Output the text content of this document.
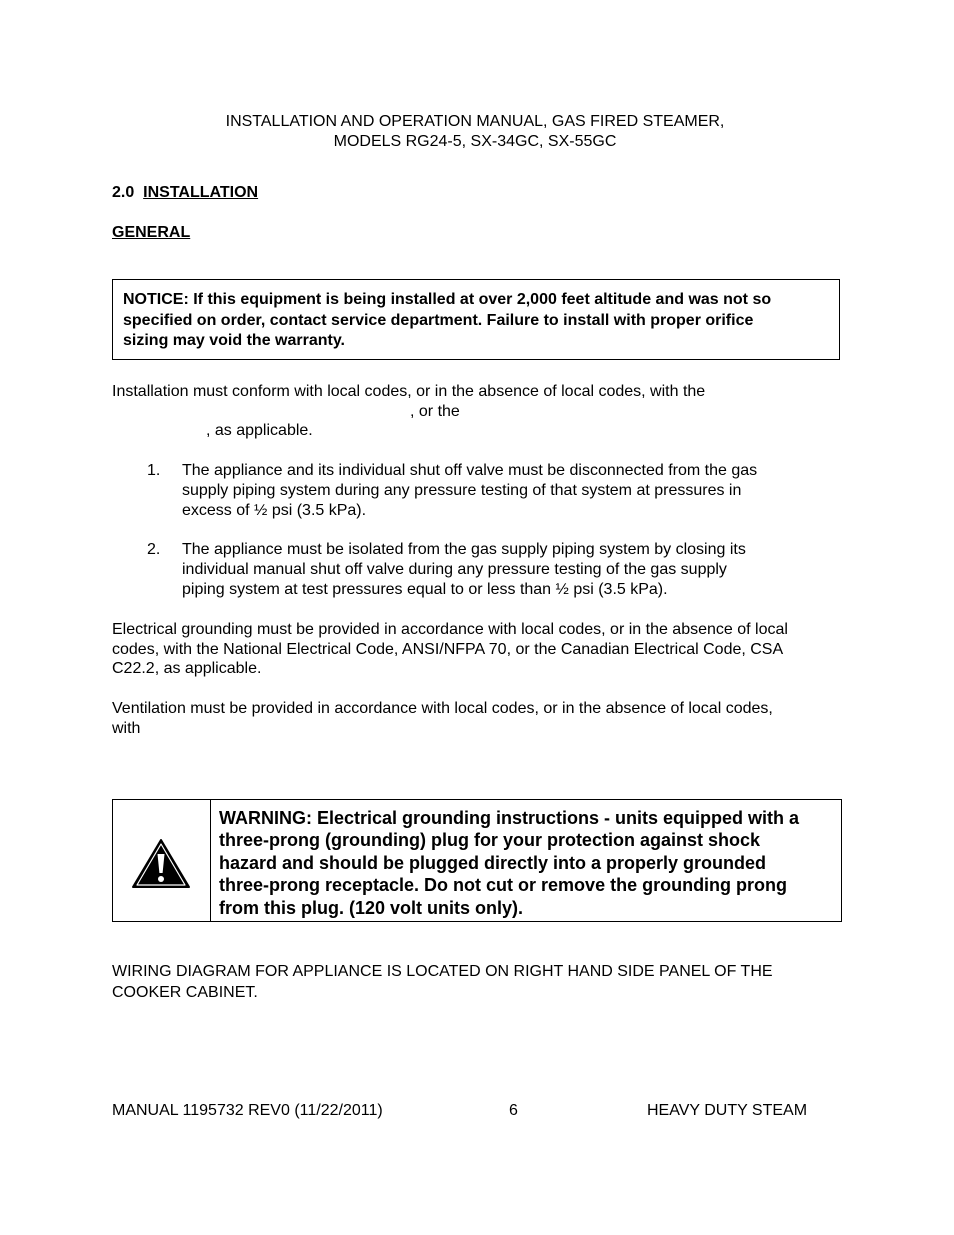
INSTALLATION AND OPERATION MANUAL, GAS FIRED STEAMER,
MODELS RG24-5, SX-34GC, SX-55GC
2.0 INSTALLATION
GENERAL
NOTICE: If this equipment is being installed at over 2,000 feet altitude and was not so
specified on order, contact service department. Failure to install with proper orifice
sizing may void the warranty.
Installation must conform with local codes, or in the absence of local codes, with the
, or the
, as applicable.
1. The appliance and its individual shut off valve must be disconnected from the gas
supply piping system during any pressure testing of that system at pressures in
excess of ½ psi (3.5 kPa).
2. The appliance must be isolated from the gas supply piping system by closing its
individual manual shut off valve during any pressure testing of the gas supply
piping system at test pressures equal to or less than ½ psi (3.5 kPa).
Electrical grounding must be provided in accordance with local codes, or in the absence of local
codes, with the National Electrical Code, ANSI/NFPA 70, or the Canadian Electrical Code, CSA
C22.2, as applicable.
Ventilation must be provided in accordance with local codes, or in the absence of local codes,
with
WARNING: Electrical grounding instructions - units equipped with a
three-prong (grounding) plug for your protection against shock
hazard and should be plugged directly into a properly grounded
three-prong receptacle. Do not cut or remove the grounding prong
from this plug. (120 volt units only).
WIRING DIAGRAM FOR APPLIANCE IS LOCATED ON RIGHT HAND SIDE PANEL OF THE
COOKER CABINET.
MANUAL 1195732 REV0 (11/22/2011)	6	HEAVY DUTY STEAM
